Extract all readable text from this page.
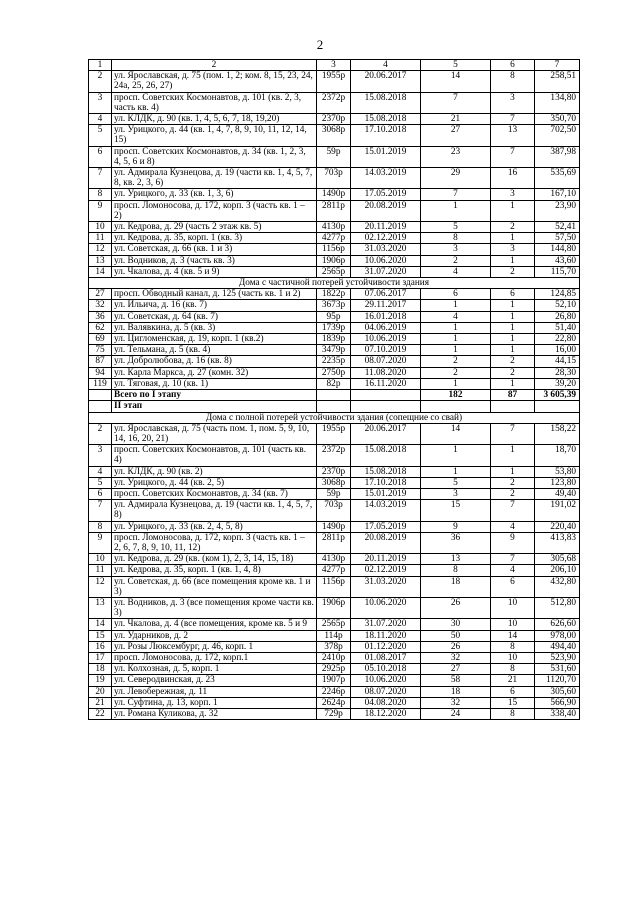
2
1	2	3	4	5	6	7
2	ул. Ярославская, д. 75 (пом. 1, 2; ком. 8, 15, 23, 24, 24а, 25, 26, 27)	1955р	20.06.2017	14	8	258,51
3	просп. Советских Космонавтов, д. 101 (кв. 2, 3, часть кв. 4)	2372р	15.08.2018	7	3	134,80
4	ул. КЛДК, д. 90 (кв. 1, 4, 5, 6, 7, 18, 19,20)	2370р	15.08.2018	21	7	350,70
5	ул. Урицкого, д. 44 (кв. 1, 4, 7, 8, 9, 10, 11, 12, 14, 15)	3068р	17.10.2018	27	13	702,50
6	просп. Советских Космонавтов, д. 34 (кв. 1, 2, 3, 4, 5, 6 и 8)	59р	15.01.2019	23	7	387,98
7	ул. Адмирала Кузнецова, д. 19 (части кв. 1, 4, 5, 7, 8, кв. 2, 3, 6)	703р	14.03.2019	29	16	535,69
8	ул. Урицкого, д. 33 (кв. 1, 3, 6)	1490р	17.05.2019	7	3	167,10
9	просп. Ломоносова, д. 172, корп. 3 (часть кв. 1 – 2)	2811р	20.08.2019	1	1	23,90
10	ул. Кедрова, д. 29 (часть 2 этаж кв. 5)	4130р	20.11.2019	5	2	52,41
11	ул. Кедрова, д. 35, корп. 1 (кв. 3)	4277р	02.12.2019	8	1	57,50
12	ул. Советская, д. 66 (кв. 1 и 3)	1156р	31.03.2020	3	3	144,80
13	ул. Водников, д. 3 (часть кв. 3)	1906р	10.06.2020	2	1	43,60
14	ул. Чкалова, д. 4 (кв. 5 и 9)	2565р	31.07.2020	4	2	115,70
Дома с частичной потерей устойчивости здания						
27	просп. Обводный канал, д. 125 (часть кв. 1 и 2)	1822р	07.06.2017	6	6	124,85
32	ул. Ильича, д. 16 (кв. 7)	3673р	29.11.2017	1	1	52,10
36	ул. Советская, д. 64 (кв. 7)	95р	16.01.2018	4	1	26,80
62	ул. Валявкина, д. 5 (кв. 3)	1739р	04.06.2019	1	1	51,40
69	ул. Цигломенская, д. 19, корп. 1 (кв.2)	1839р	10.06.2019	1	1	22,80
75	ул. Тельмана, д. 5 (кв. 4)	3479р	07.10.2019	1	1	16,00
87	ул. Добролюбова, д. 16 (кв. 8)	2235р	08.07.2020	2	2	44,15
94	ул. Карла Маркса, д. 27 (комн. 32)	2750р	11.08.2020	2	2	28,30
119	ул. Тяговая, д. 10 (кв. 1)	82р	16.11.2020	1	1	39,20
	Всего по I этапу			182	87	3 605,39
	II этап					
Дома с полной потерей устойчивости здания (сопещние со свай)						
2	ул. Ярославская, д. 75 (часть пом. 1, пом. 5, 9, 10, 14, 16, 20, 21)	1955р	20.06.2017	14	7	158,22
3	просп. Советских Космонавтов, д. 101 (часть кв. 4)	2372р	15.08.2018	1	1	18,70
4	ул. КЛДК, д. 90 (кв. 2)	2370р	15.08.2018	1	1	53,80
5	ул. Урицкого, д. 44 (кв. 2, 5)	3068р	17.10.2018	5	2	123,80
6	просп. Советских Космонавтов, д. 34 (кв. 7)	59р	15.01.2019	3	2	49,40
7	ул. Адмирала Кузнецова, д. 19 (части кв. 1, 4, 5, 7, 8)	703р	14.03.2019	15	7	191,02
8	ул. Урицкого, д. 33 (кв. 2, 4, 5, 8)	1490р	17.05.2019	9	4	220,40
9	просп. Ломоносова, д. 172, корп. 3 (часть кв. 1 – 2, 6, 7, 8, 9, 10, 11, 12)	2811р	20.08.2019	36	9	413,83
10	ул. Кедрова, д. 29 (кв. (ком 1), 2, 3, 14, 15, 18)	4130р	20.11.2019	13	7	305,68
11	ул. Кедрова, д. 35, корп. 1 (кв. 1, 4, 8)	4277р	02.12.2019	8	4	206,10
12	ул. Советская, д. 66 (все помещения кроме кв. 1 и 3)	1156р	31.03.2020	18	6	432,80
13	ул. Водников, д. 3 (все помещения кроме части кв. 3)	1906р	10.06.2020	26	10	512,80
14	ул. Чкалова, д. 4 (все помещения, кроме кв. 5 и 9	2565р	31.07.2020	30	10	626,60
15	ул. Ударников, д. 2	114р	18.11.2020	50	14	978,00
16	ул. Розы Люксембург, д. 46, корп. 1	378р	01.12.2020	26	8	494,40
17	просп. Ломоносова, д. 172, корп.1	2410р	01.08.2017	32	10	523,90
18	ул. Колхозная, д. 5, корп. 1	2925р	05.10.2018	27	8	531,60
19	ул. Северодвинская, д. 23	1907р	10.06.2020	58	21	1120,70
20	ул. Левобережная, д. 11	2246р	08.07.2020	18	6	305,60
21	ул. Суфтина, д. 13, корп. 1	2624р	04.08.2020	32	15	566,90
22	ул. Романа Куликова, д. 32	729р	18.12.2020	24	8	338,40
